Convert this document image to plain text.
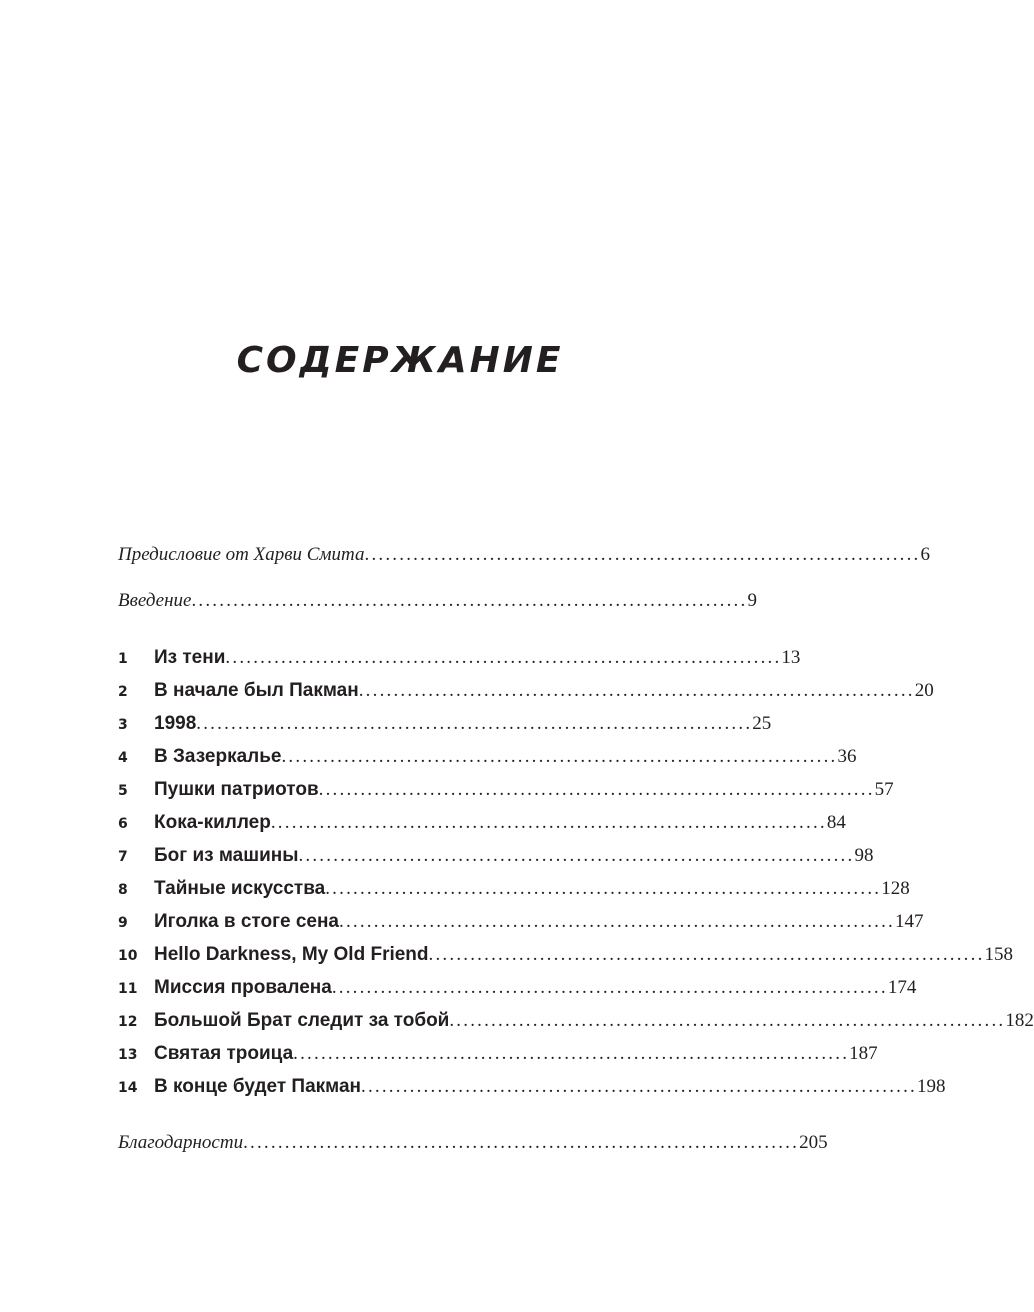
СОДЕРЖАНИЕ
Предисловие от Харви Смита ................................................................................ 6
Введение ................................................................................ 9
1	Из тени ................................................................................ 13
2	В начале был Пакман ................................................................................ 20
3	1998 ................................................................................ 25
4	В Зазеркалье ................................................................................ 36
5	Пушки патриотов ................................................................................ 57
6	Кока-киллер ................................................................................ 84
7	Бог из машины ................................................................................ 98
8	Тайные искусства ................................................................................ 128
9	Иголка в стоге сена ................................................................................ 147
10 Hello Darkness, My Old Friend ................................................................................ 158
11 Миссия провалена ................................................................................ 174
12 Большой Брат следит за тобой ................................................................................ 182
13 Святая троица ................................................................................ 187
14 В конце будет Пакман ................................................................................ 198
Благодарности ................................................................................ 205
